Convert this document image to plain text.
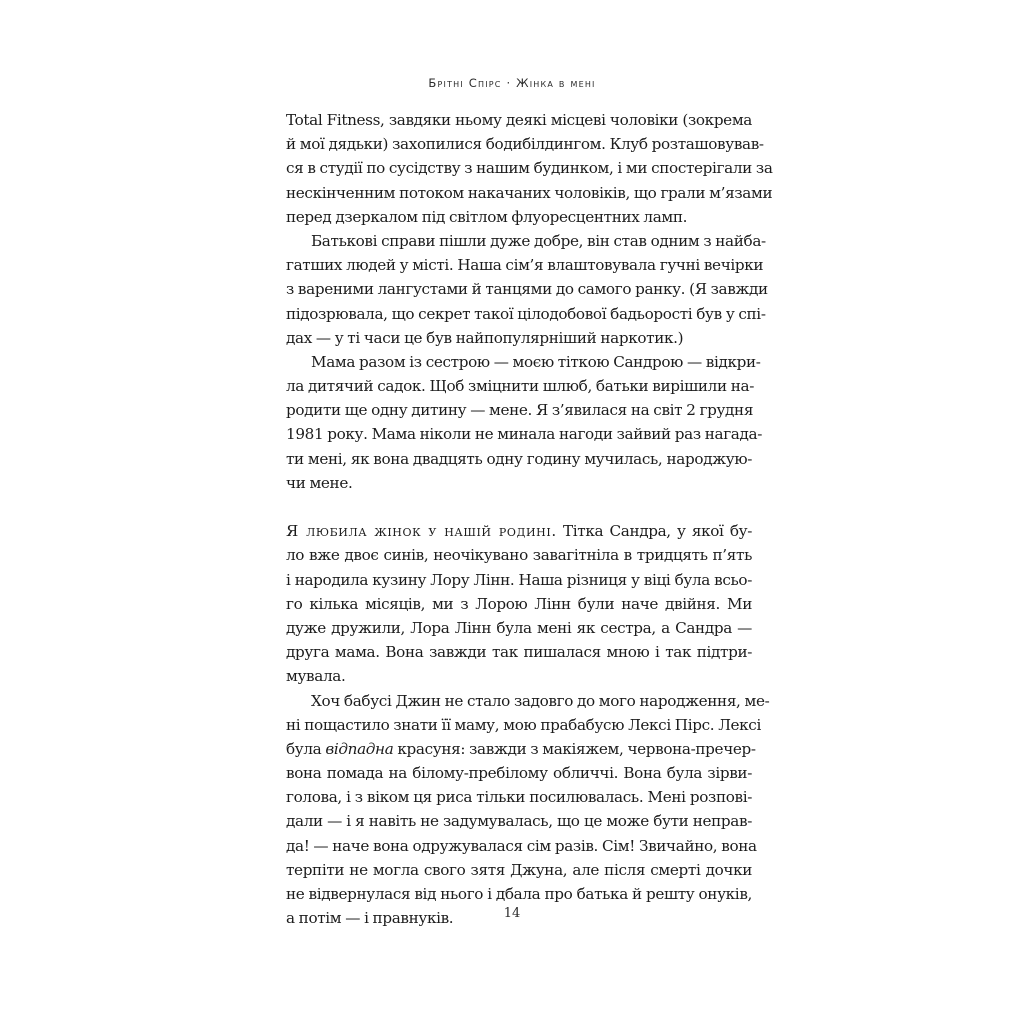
Брітні Спірс · Жінка в мені
Total Fitness, завдяки ньому деякі місцеві чоловіки (зокрема
й мої дядьки) захопилися бодибілдингом. Клуб розташовував-
ся в студії по сусідству з нашим будинком, і ми спостерігали за
нескінченним потоком накачаних чоловіків, що грали м’язами
перед дзеркалом під світлом флуоресцентних ламп.
Батькові справи пішли дуже добре, він став одним з найба-
гатших людей у місті. Наша сім’я влаштовувала гучні вечірки
з вареними лангустами й танцями до самого ранку. (Я завжди
підозрювала, що секрет такої цілодобової бадьорості був у спі-
дах — у ті часи це був найпопулярніший наркотик.)
Мама разом із сестрою — моєю тіткою Сандрою — відкри-
ла дитячий садок. Щоб зміцнити шлюб, батьки вирішили на-
родити ще одну дитину — мене. Я з’явилася на світ 2 грудня
1981 року. Мама ніколи не минала нагоди зайвий раз нагада-
ти мені, як вона двадцять одну годину мучилась, народжую-
чи мене.
Я любила жінок у нашій родині. Тітка Сандра, у якої бу-
ло вже двоє синів, неочікувано завагітніла в тридцять п’ять
і народила кузину Лору Лінн. Наша різниця у віці була всьо-
го кілька місяців, ми з Лорою Лінн були наче двійня. Ми
дуже дружили, Лора Лінн була мені як сестра, а Сандра —
друга мама. Вона завжди так пишалася мною і так підтри-
мувала.
Хоч бабусі Джин не стало задовго до мого народження, ме-
ні пощастило знати її маму, мою прабабусю Лексі Пірс. Лексі
була відпадна красуня: завжди з макіяжем, червона-пречер-
вона помада на білому-пребілому обличчі. Вона була зірви-
голова, і з віком ця риса тільки посилювалась. Мені розпові-
дали — і я навіть не задумувалась, що це може бути неправ-
да! — наче вона одружувалася сім разів. Сім! Звичайно, вона
терпіти не могла свого зятя Джуна, але після смерті дочки
не відвернулася від нього і дбала про батька й решту онуків,
а потім — і правнуків.	14
